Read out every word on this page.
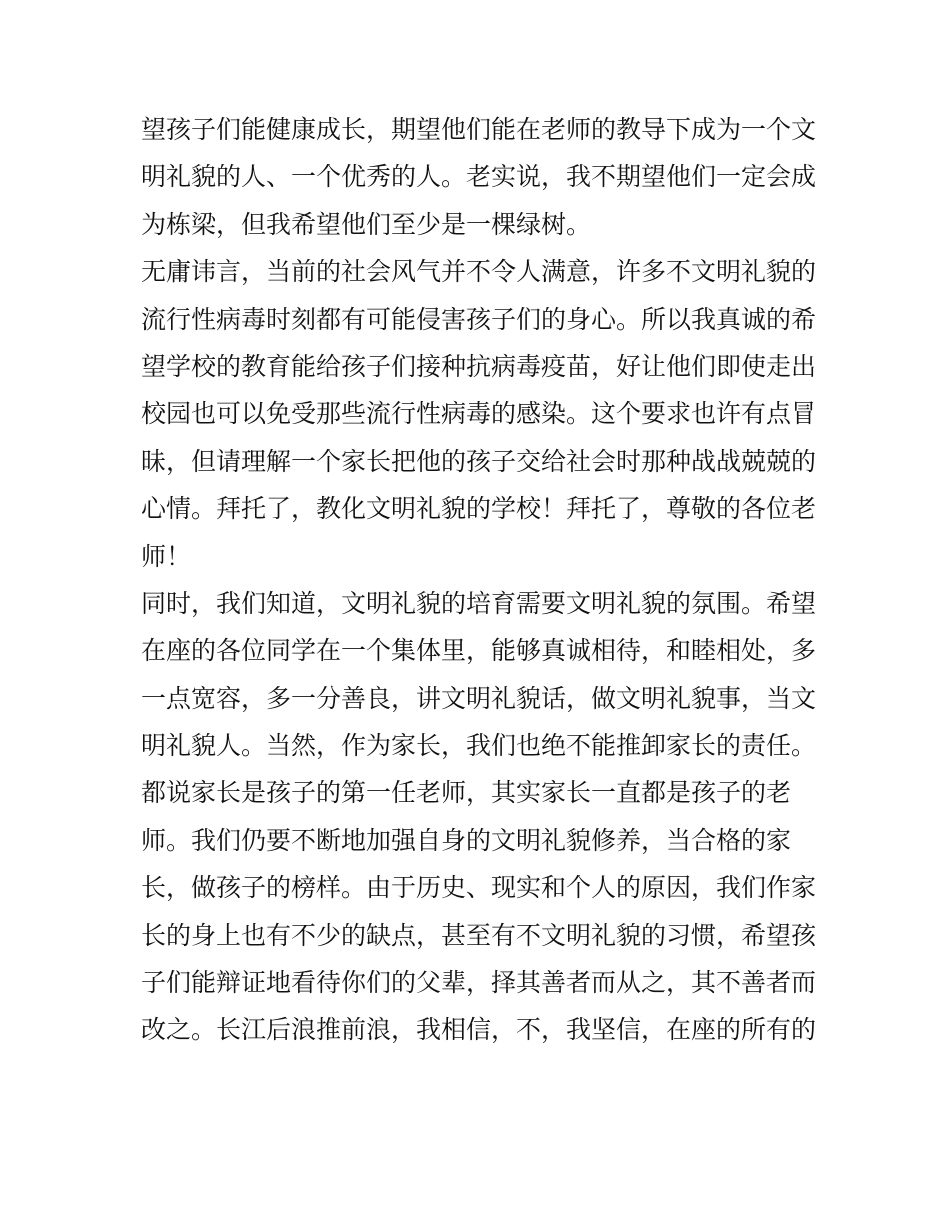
望孩子们能健康成长，期望他们能在老师的教导下成为一个文
明礼貌的人、一个优秀的人。老实说，我不期望他们一定会成
为栋梁，但我希望他们至少是一棵绿树。
无庸讳言，当前的社会风气并不令人满意，许多不文明礼貌的
流行性病毒时刻都有可能侵害孩子们的身心。所以我真诚的希
望学校的教育能给孩子们接种抗病毒疫苗，好让他们即使走出
校园也可以免受那些流行性病毒的感染。这个要求也许有点冒
昧，但请理解一个家长把他的孩子交给社会时那种战战兢兢的
心情。拜托了，教化文明礼貌的学校！拜托了，尊敬的各位老
师！
同时，我们知道，文明礼貌的培育需要文明礼貌的氛围。希望
在座的各位同学在一个集体里，能够真诚相待，和睦相处，多
一点宽容，多一分善良，讲文明礼貌话，做文明礼貌事，当文
明礼貌人。当然，作为家长，我们也绝不能推卸家长的责任。
都说家长是孩子的第一任老师，其实家长一直都是孩子的老
师。我们仍要不断地加强自身的文明礼貌修养，当合格的家
长，做孩子的榜样。由于历史、现实和个人的原因，我们作家
长的身上也有不少的缺点，甚至有不文明礼貌的习惯，希望孩
子们能辩证地看待你们的父辈，择其善者而从之，其不善者而
改之。长江后浪推前浪，我相信，不，我坚信，在座的所有的
